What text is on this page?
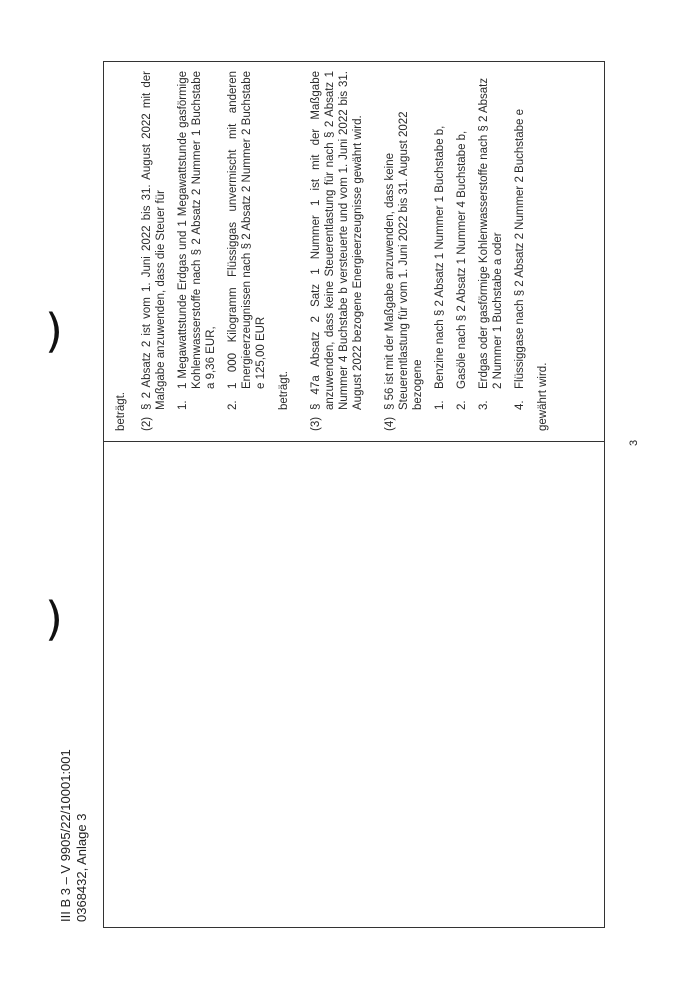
III B 3 – V 9905/22/10001:001 0368432, Anlage 3
)
)
3

beträgt. (2)
§ 2 Absatz 2 ist vom 1. Juni 2022 bis 31. August 2022 mit der Maßgabe anzuwenden, dass die Steuer für 1.
1 Megawattstunde Erdgas und 1 Megawattstunde gasförmige Kohlenwasserstoffe nach § 2 Absatz 2 Nummer 1 Buchstabe a 9,36 EUR,
2.
1 000 Kilogramm Flüssiggas unvermischt mit anderen Energieerzeugnissen nach § 2 Absatz 2 Nummer 2 Buchstabe e 125,00 EUR
beträgt.
(3)
§ 47a Absatz 2 Satz 1 Nummer 1 ist mit der Maßgabe anzuwenden, dass keine Steuerentlastung für nach § 2 Absatz 1 Nummer 4 Buchstabe b versteuerte und vom 1. Juni 2022 bis 31. August 2022 bezogene Energieerzeugnisse gewährt wird.
(4)
§ 56 ist mit der Maßgabe anzuwenden, dass keine Steuerentlastung für vom 1. Juni 2022 bis 31. August 2022 bezogene 1.
Benzine nach § 2 Absatz 1 Nummer 1 Buchstabe b,
2.
Gasöle nach § 2 Absatz 1 Nummer 4 Buchstabe b,
3.
Erdgas oder gasförmige Kohlenwasserstoffe nach § 2 Absatz 2 Nummer 1 Buchstabe a oder
4.
Flüssiggase nach § 2 Absatz 2 Nummer 2 Buchstabe e
gewährt wird.
